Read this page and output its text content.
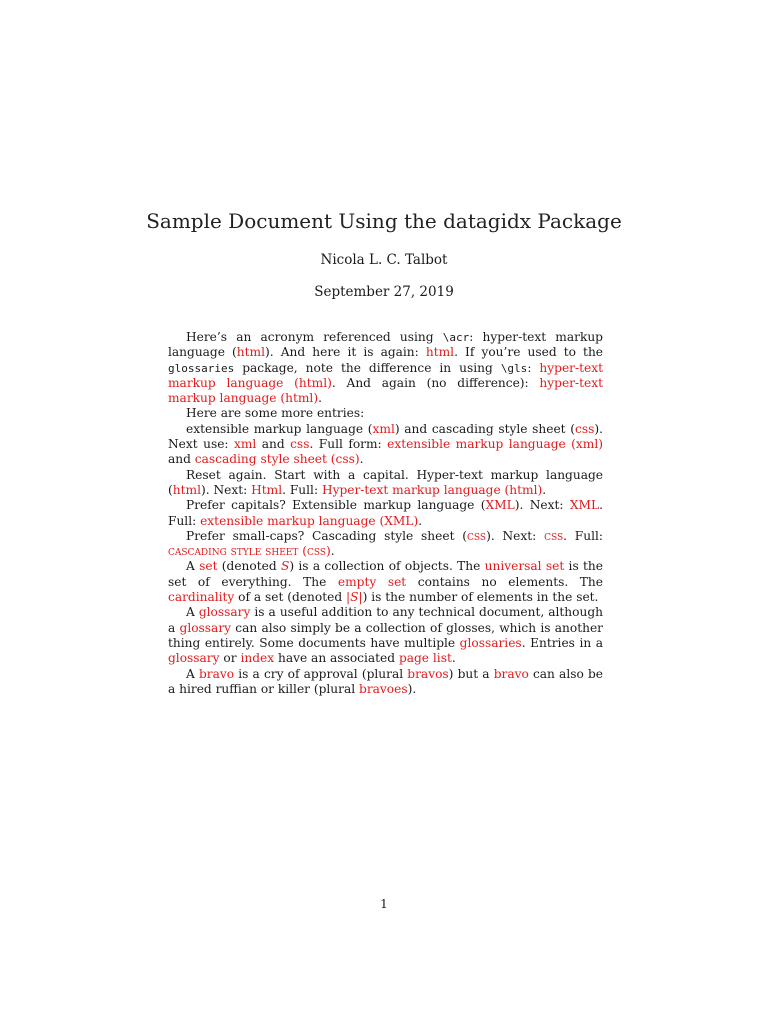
Sample Document Using the datagidx Package
Nicola L. C. Talbot
September 27, 2019

Here’s an acronym referenced using \acr: hyper-text markup language (html). And here it is again: html. If you’re used to the glossaries package, note the difference in using \gls: hyper-text markup language (html). And again (no difference): hyper-text markup language (html).

Here are some more entries:

extensible markup language (xml) and cascading style sheet (css). Next use: xml and css. Full form: extensible markup language (xml) and cascading style sheet (css).

Reset again. Start with a capital. Hyper-text markup language (html). Next: Html. Full: Hyper-text markup language (html).

Prefer capitals? Extensible markup language (XML). Next: XML. Full: extensible markup language (XML).

Prefer small-caps? Cascading style sheet (css). Next: css. Full: cascading style sheet (css).

A set (denoted S) is a collection of objects. The universal set is the set of everything. The empty set contains no elements. The cardinality of a set (denoted |S|) is the number of elements in the set.

A glossary is a useful addition to any technical document, although a glossary can also simply be a collection of glosses, which is another thing entirely. Some documents have multiple glossaries. Entries in a glossary or index have an associated page list.

A bravo is a cry of approval (plural bravos) but a bravo can also be a hired ruffian or killer (plural bravoes).

1
